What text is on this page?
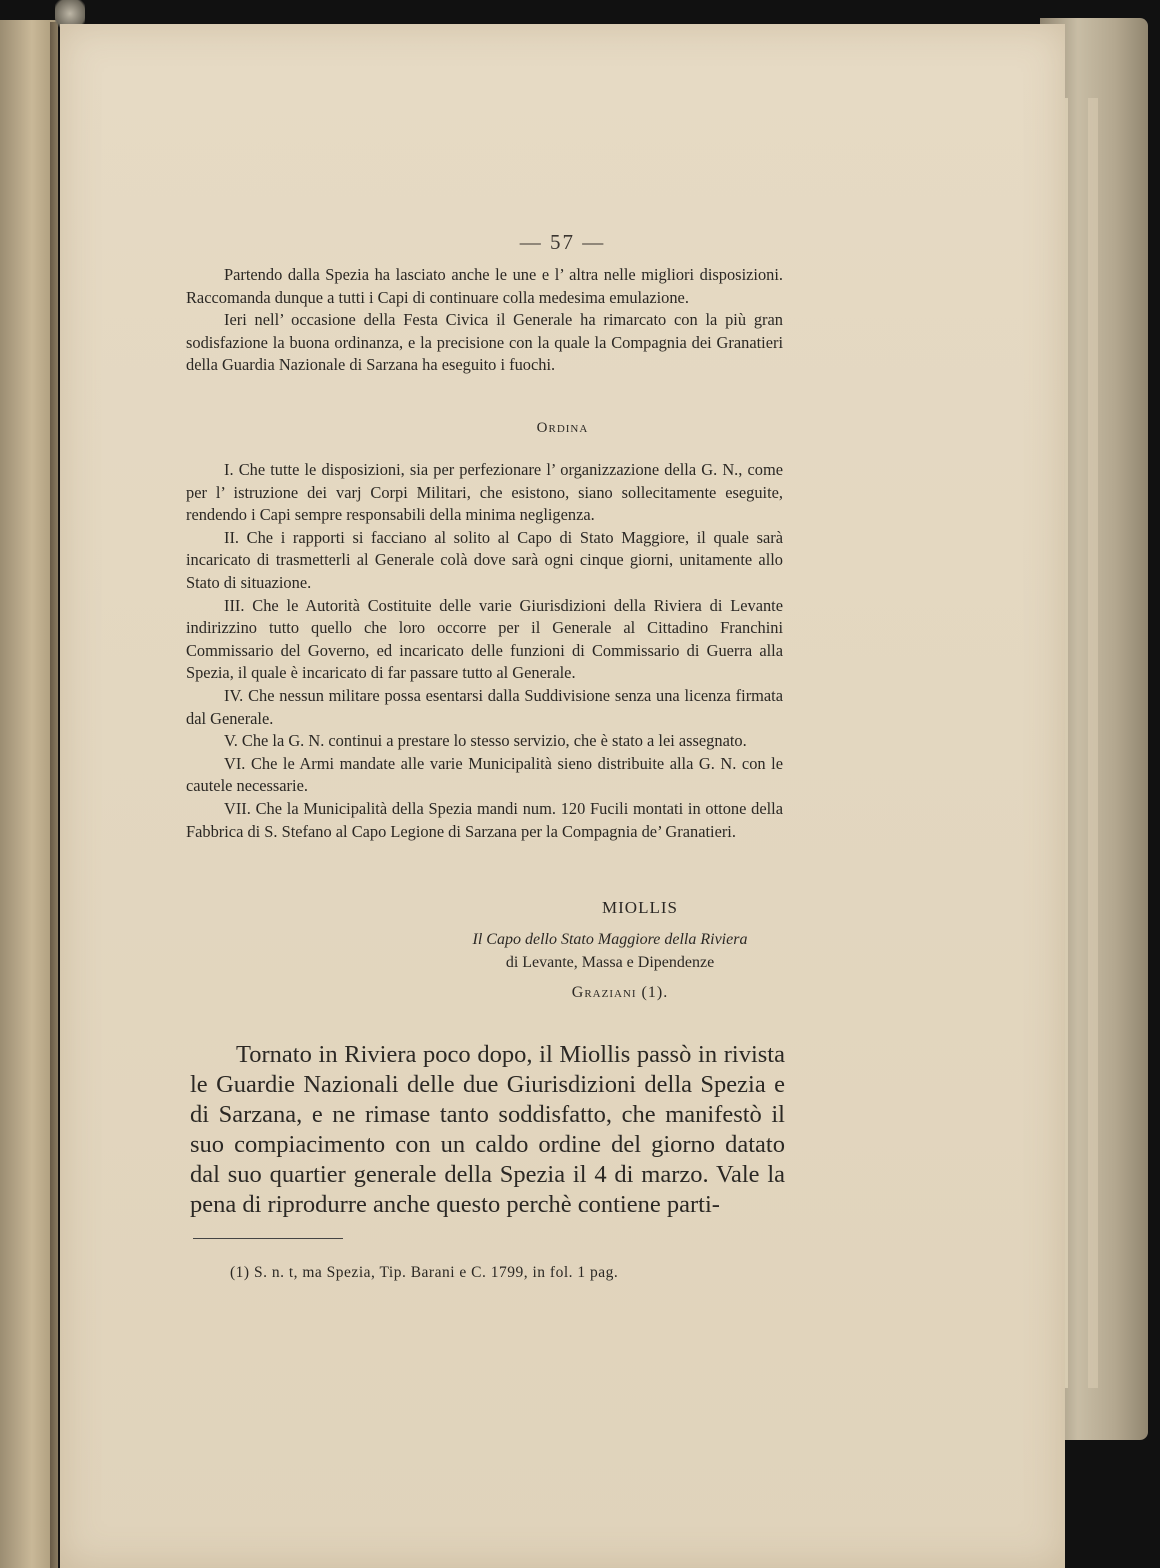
— 57 —

Partendo dalla Spezia ha lasciato anche le une e l’ altra nelle migliori disposizioni. Raccomanda dunque a tutti i Capi di continuare colla medesima emulazione.

Ieri nell’ occasione della Festa Civica il Generale ha rimarcato con la più gran sodisfazione la buona ordinanza, e la precisione con la quale la Compagnia dei Granatieri della Guardia Nazionale di Sarzana ha eseguito i fuochi.

Ordina

I. Che tutte le disposizioni, sia per perfezionare l’ organizzazione della G. N., come per l’ istruzione dei varj Corpi Militari, che esistono, siano sollecitamente eseguite, rendendo i Capi sempre responsabili della minima negligenza.

II. Che i rapporti si facciano al solito al Capo di Stato Maggiore, il quale sarà incaricato di trasmetterli al Generale colà dove sarà ogni cinque giorni, unitamente allo Stato di situazione.

III. Che le Autorità Costituite delle varie Giurisdizioni della Riviera di Levante indirizzino tutto quello che loro occorre per il Generale al Cittadino Franchini Commissario del Governo, ed incaricato delle funzioni di Commissario di Guerra alla Spezia, il quale è incaricato di far passare tutto al Generale.

IV. Che nessun militare possa esentarsi dalla Suddivisione senza una licenza firmata dal Generale.

V. Che la G. N. continui a prestare lo stesso servizio, che è stato a lei assegnato.

VI. Che le Armi mandate alle varie Municipalità sieno distribuite alla G. N. con le cautele necessarie.

VII. Che la Municipalità della Spezia mandi num. 120 Fucili montati in ottone della Fabbrica di S. Stefano al Capo Legione di Sarzana per la Compagnia de’ Granatieri.

MIOLLIS
Il Capo dello Stato Maggiore della Riviera
di Levante, Massa e Dipendenze
Graziani (1).

Tornato in Riviera poco dopo, il Miollis passò in rivista le Guardie Nazionali delle due Giurisdizioni della Spezia e di Sarzana, e ne rimase tanto soddisfatto, che manifestò il suo compiacimento con un caldo ordine del giorno datato dal suo quartier generale della Spezia il 4 di marzo. Vale la pena di riprodurre anche questo perchè contiene parti-

(1) S. n. t, ma Spezia, Tip. Barani e C. 1799, in fol. 1 pag.
